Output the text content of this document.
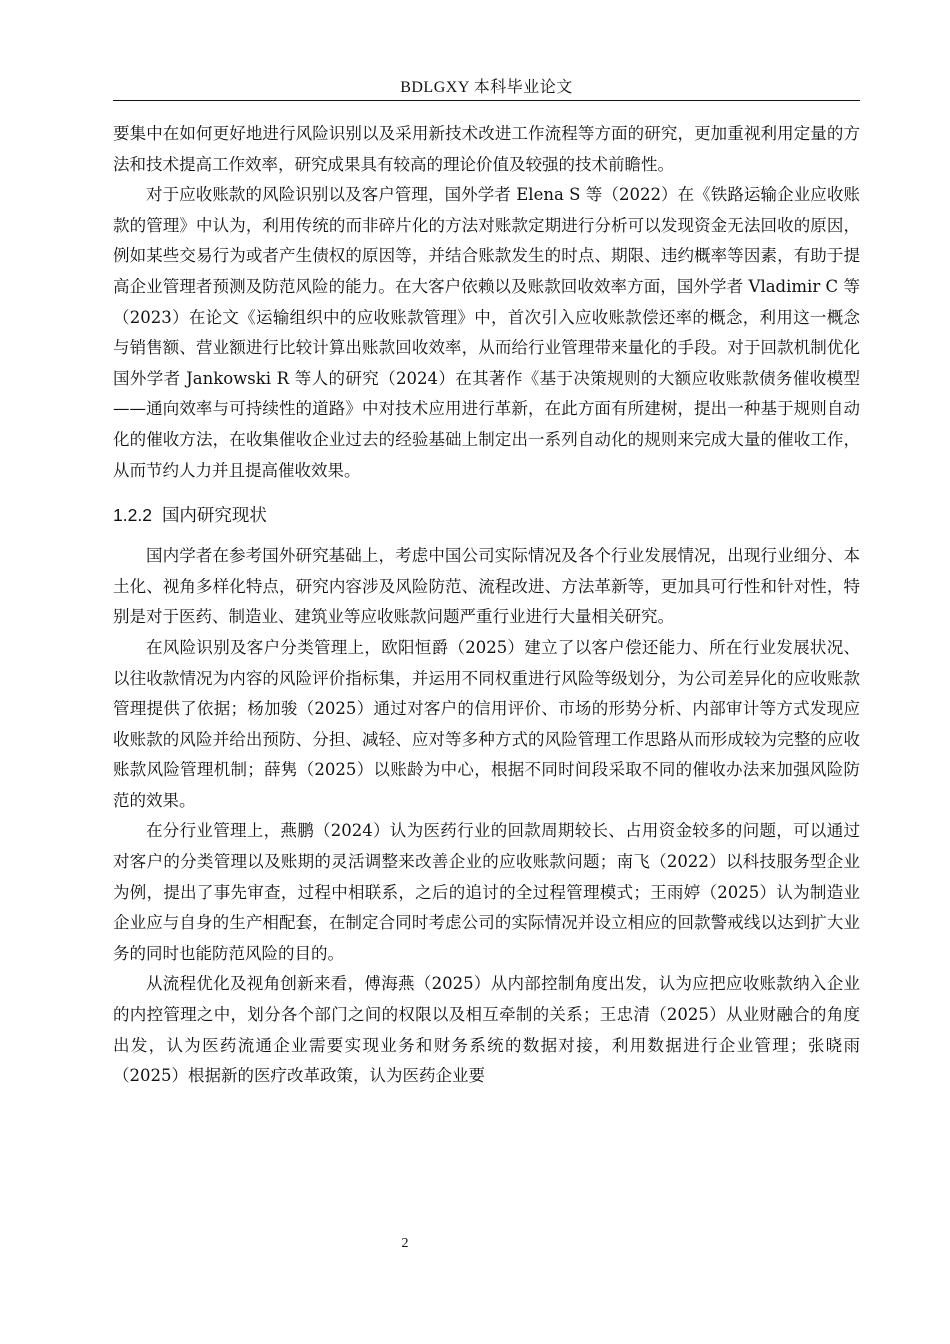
BDLGXY 本科毕业论文

要集中在如何更好地进行风险识别以及采用新技术改进工作流程等方面的研究，更加重视利用定量的方法和技术提高工作效率，研究成果具有较高的理论价值及较强的技术前瞻性。

对于应收账款的风险识别以及客户管理，国外学者 Elena S 等（2022）在《铁路运输企业应收账款的管理》中认为，利用传统的而非碎片化的方法对账款定期进行分析可以发现资金无法回收的原因，例如某些交易行为或者产生债权的原因等，并结合账款发生的时点、期限、违约概率等因素，有助于提高企业管理者预测及防范风险的能力。在大客户依赖以及账款回收效率方面，国外学者 Vladimir C 等（2023）在论文《运输组织中的应收账款管理》中，首次引入应收账款偿还率的概念，利用这一概念与销售额、营业额进行比较计算出账款回收效率，从而给行业管理带来量化的手段。对于回款机制优化国外学者 Jankowski R 等人的研究（2024）在其著作《基于决策规则的大额应收账款债务催收模型——通向效率与可持续性的道路》中对技术应用进行革新，在此方面有所建树，提出一种基于规则自动化的催收方法，在收集催收企业过去的经验基础上制定出一系列自动化的规则来完成大量的催收工作，从而节约人力并且提高催收效果。

1.2.2 国内研究现状

国内学者在参考国外研究基础上，考虑中国公司实际情况及各个行业发展情况，出现行业细分、本土化、视角多样化特点，研究内容涉及风险防范、流程改进、方法革新等，更加具可行性和针对性，特别是对于医药、制造业、建筑业等应收账款问题严重行业进行大量相关研究。

在风险识别及客户分类管理上，欧阳恒爵（2025）建立了以客户偿还能力、所在行业发展状况、以往收款情况为内容的风险评价指标集，并运用不同权重进行风险等级划分，为公司差异化的应收账款管理提供了依据；杨加骏（2025）通过对客户的信用评价、市场的形势分析、内部审计等方式发现应收账款的风险并给出预防、分担、减轻、应对等多种方式的风险管理工作思路从而形成较为完整的应收账款风险管理机制；薛隽（2025）以账龄为中心，根据不同时间段采取不同的催收办法来加强风险防范的效果。

在分行业管理上，燕鹏（2024）认为医药行业的回款周期较长、占用资金较多的问题，可以通过对客户的分类管理以及账期的灵活调整来改善企业的应收账款问题；南飞（2022）以科技服务型企业为例，提出了事先审查，过程中相联系，之后的追讨的全过程管理模式；王雨婷（2025）认为制造业企业应与自身的生产相配套，在制定合同时考虑公司的实际情况并设立相应的回款警戒线以达到扩大业务的同时也能防范风险的目的。

从流程优化及视角创新来看，傅海燕（2025）从内部控制角度出发，认为应把应收账款纳入企业的内控管理之中，划分各个部门之间的权限以及相互牵制的关系；王忠清（2025）从业财融合的角度出发，认为医药流通企业需要实现业务和财务系统的数据对接，利用数据进行企业管理；张晓雨（2025）根据新的医疗改革政策，认为医药企业要

2
